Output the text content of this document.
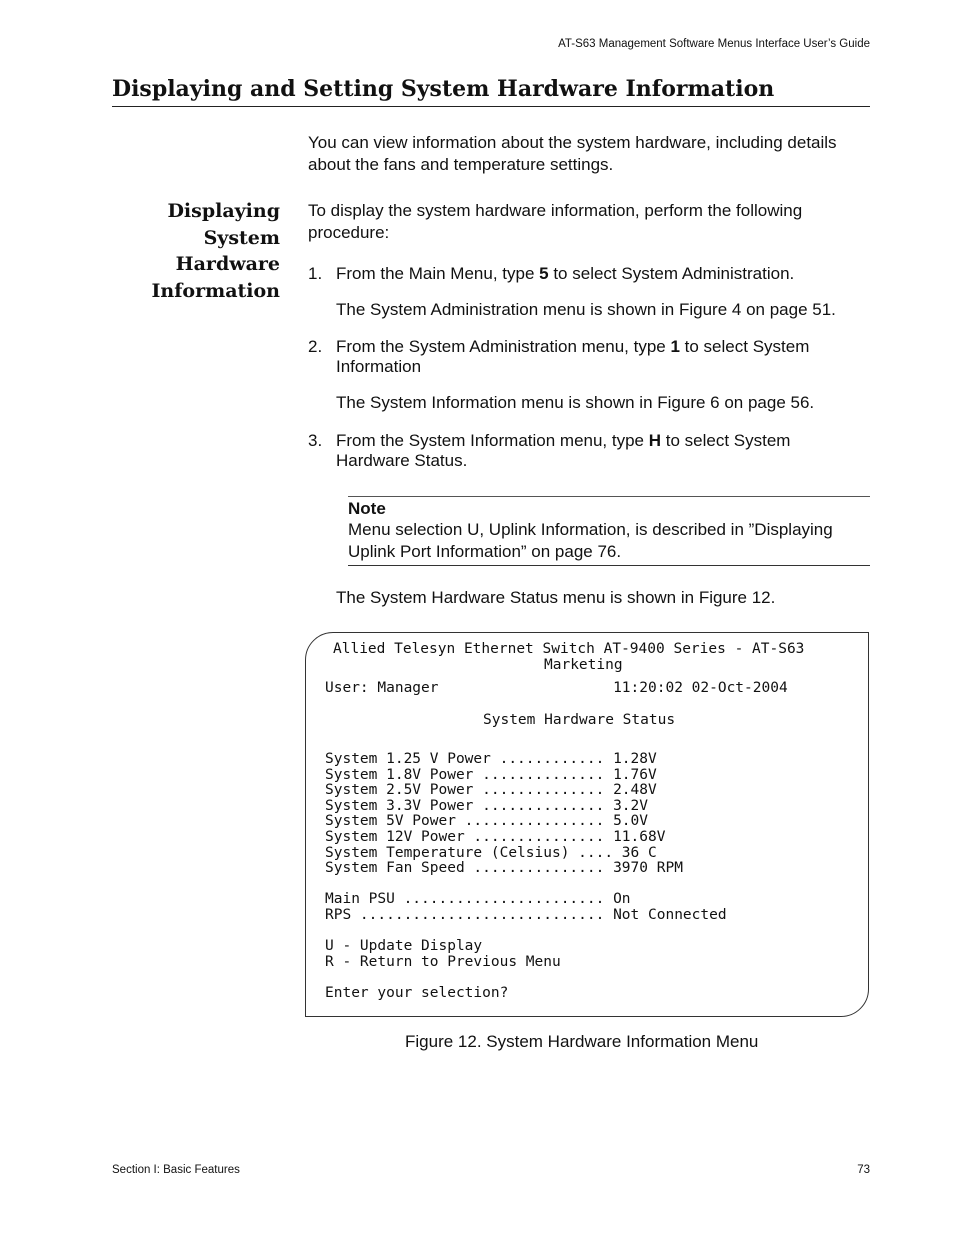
AT-S63 Management Software Menus Interface User’s Guide
Displaying and Setting System Hardware Information

You can view information about the system hardware, including details about the fans and temperature settings.

Displaying System Hardware Information

To display the system hardware information, perform the following procedure:

1. From the Main Menu, type 5 to select System Administration.

The System Administration menu is shown in Figure 4 on page 51.

2. From the System Administration menu, type 1 to select System Information

The System Information menu is shown in Figure 6 on page 56.

3. From the System Information menu, type H to select System Hardware Status.

Note
Menu selection U, Uplink Information, is described in ”Displaying Uplink Port Information” on page 76.

The System Hardware Status menu is shown in Figure 12.

Allied Telesyn Ethernet Switch AT-9400 Series - AT-S63
Marketing
User: Manager                    11:20:02 02-Oct-2004
System Hardware Status
System 1.25 V Power ............ 1.28V
System 1.8V Power .............. 1.76V
System 2.5V Power .............. 2.48V
System 3.3V Power .............. 3.2V
System 5V Power ................ 5.0V
System 12V Power ............... 11.68V
System Temperature (Celsius) .... 36 C
System Fan Speed ............... 3970 RPM
Main PSU ....................... On
RPS ............................ Not Connected
U - Update Display
R - Return to Previous Menu
Enter your selection?
Figure 12. System Hardware Information Menu
Section I: Basic Features	73
